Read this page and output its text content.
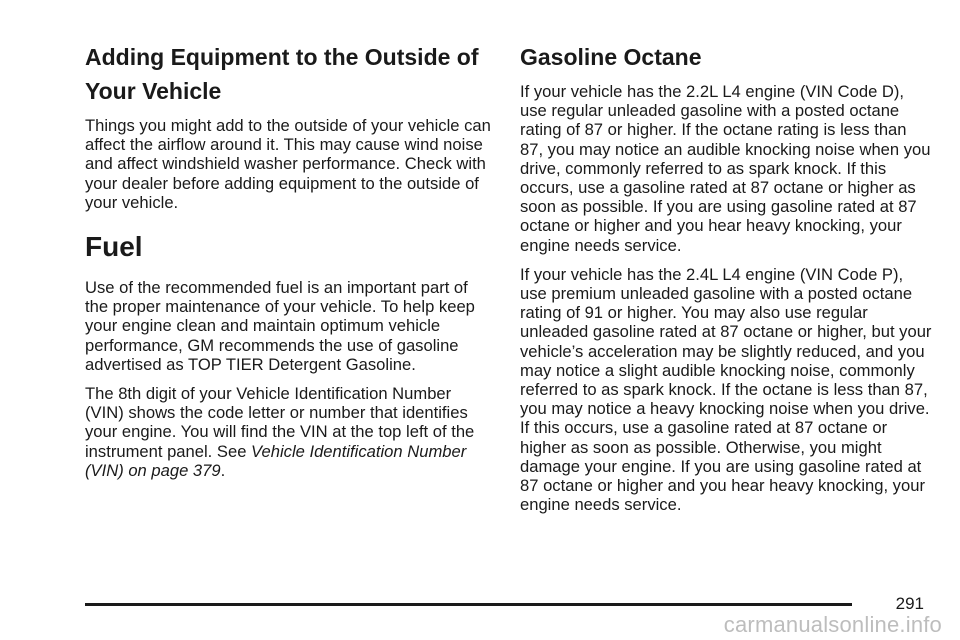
Adding Equipment to the Outside of Your Vehicle

Things you might add to the outside of your vehicle can affect the airflow around it. This may cause wind noise and affect windshield washer performance. Check with your dealer before adding equipment to the outside of your vehicle.

Fuel

Use of the recommended fuel is an important part of the proper maintenance of your vehicle. To help keep your engine clean and maintain optimum vehicle performance, GM recommends the use of gasoline advertised as TOP TIER Detergent Gasoline.

The 8th digit of your Vehicle Identification Number (VIN) shows the code letter or number that identifies your engine. You will find the VIN at the top left of the instrument panel. See Vehicle Identification Number (VIN) on page 379.

Gasoline Octane

If your vehicle has the 2.2L L4 engine (VIN Code D), use regular unleaded gasoline with a posted octane rating of 87 or higher. If the octane rating is less than 87, you may notice an audible knocking noise when you drive, commonly referred to as spark knock. If this occurs, use a gasoline rated at 87 octane or higher as soon as possible. If you are using gasoline rated at 87 octane or higher and you hear heavy knocking, your engine needs service.

If your vehicle has the 2.4L L4 engine (VIN Code P), use premium unleaded gasoline with a posted octane rating of 91 or higher. You may also use regular unleaded gasoline rated at 87 octane or higher, but your vehicle’s acceleration may be slightly reduced, and you may notice a slight audible knocking noise, commonly referred to as spark knock. If the octane is less than 87, you may notice a heavy knocking noise when you drive. If this occurs, use a gasoline rated at 87 octane or higher as soon as possible. Otherwise, you might damage your engine. If you are using gasoline rated at 87 octane or higher and you hear heavy knocking, your engine needs service.

291
carmanualsonline.info
